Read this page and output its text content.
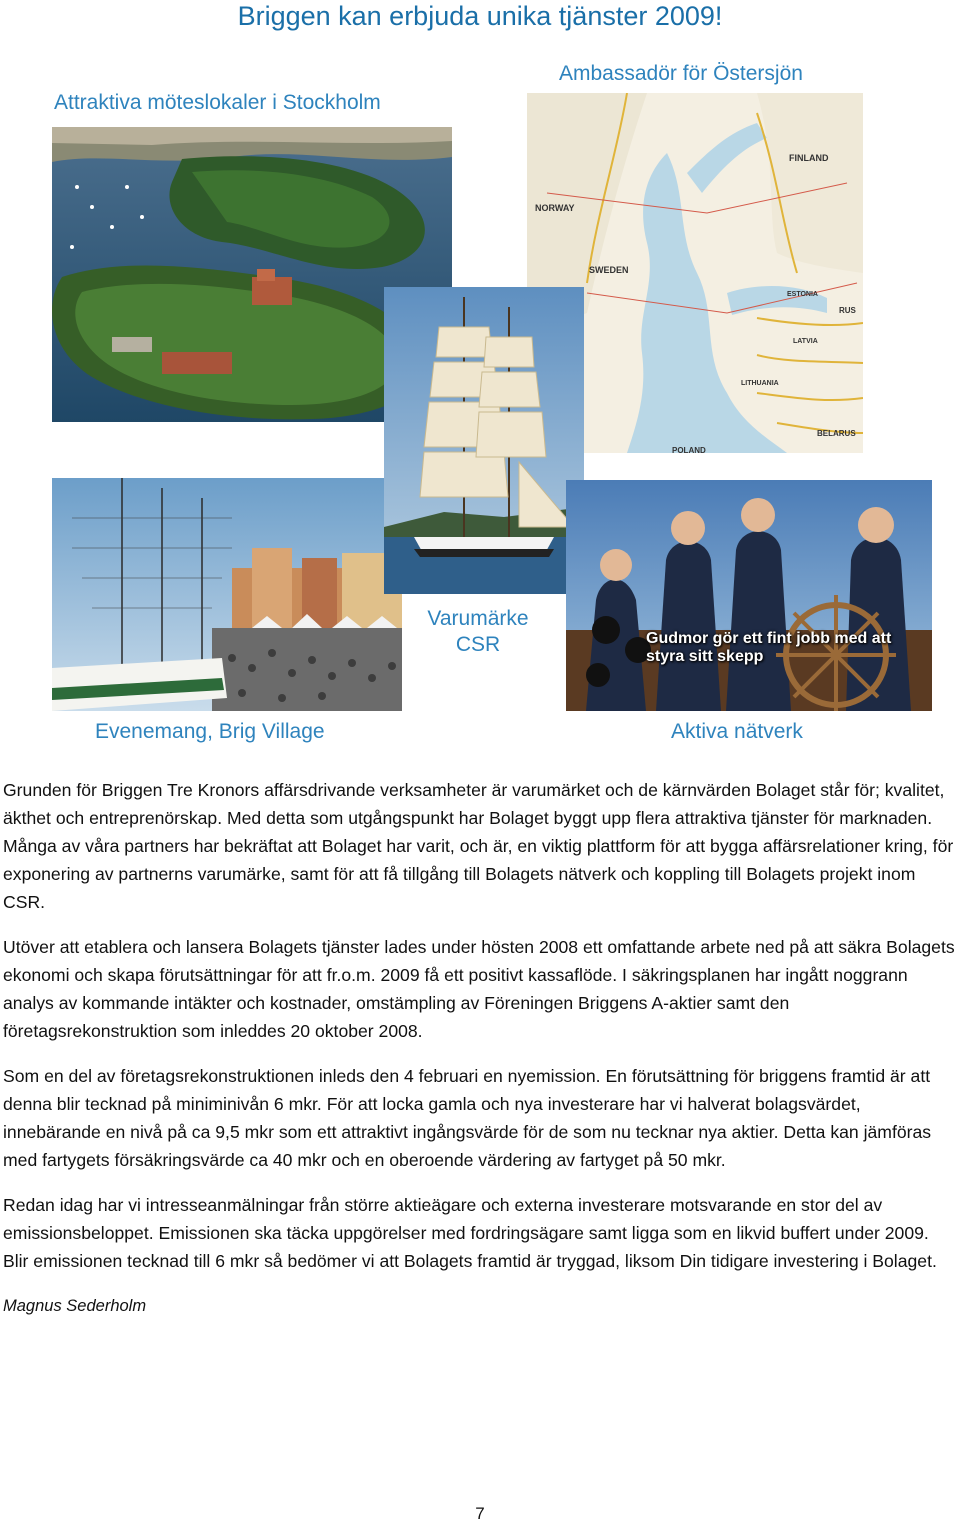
Briggen kan erbjuda unika tjänster 2009!
Attraktiva möteslokaler i Stockholm
Ambassadör för Östersjön
Varumärke
CSR
Evenemang, Brig Village	Aktiva nätverk
FINLAND
NORWAY
SWEDEN
ESTONIA
RUS
LATVIA
LITHUANIA
BELARUS
POLAND
Gudmor gör ett fint jobb med att styra sitt skepp

Grunden för Briggen Tre Kronors affärsdrivande verksamheter är varumärket och de kärnvärden Bolaget står för; kvalitet, äkthet och entreprenörskap. Med detta som utgångspunkt har Bolaget byggt upp flera attraktiva tjänster för marknaden. Många av våra partners har bekräftat att Bolaget har varit, och är, en viktig plattform för att bygga affärsrelationer kring, för exponering av partnerns varumärke, samt för att få tillgång till Bolagets nätverk och koppling till Bolagets projekt inom CSR.

Utöver att etablera och lansera Bolagets tjänster lades under hösten 2008 ett omfattande arbete ned på att säkra Bolagets ekonomi och skapa förutsättningar för att fr.o.m. 2009 få ett positivt kassaflöde. I säkringsplanen har ingått noggrann analys av kommande intäkter och kostnader, omstämpling av Föreningen Briggens A-aktier samt den företagsrekonstruktion som inleddes 20 oktober 2008.

Som en del av företagsrekonstruktionen inleds den 4 februari en nyemission. En förutsättning för briggens framtid är att denna blir tecknad på miniminivån 6 mkr. För att locka gamla och nya investerare har vi halverat bolagsvärdet, innebärande en nivå på ca 9,5 mkr som ett attraktivt ingångsvärde för de som nu tecknar nya aktier. Detta kan jämföras med fartygets försäkringsvärde ca 40 mkr och en oberoende värdering av fartyget på 50 mkr.

Redan idag har vi intresseanmälningar från större aktieägare och externa investerare motsvarande en stor del av emissionsbeloppet. Emissionen ska täcka uppgörelser med fordringsägare samt ligga som en likvid buffert under 2009. Blir emissionen tecknad till 6 mkr så bedömer vi att Bolagets framtid är tryggad, liksom Din tidigare investering i Bolaget.

Magnus Sederholm

7
